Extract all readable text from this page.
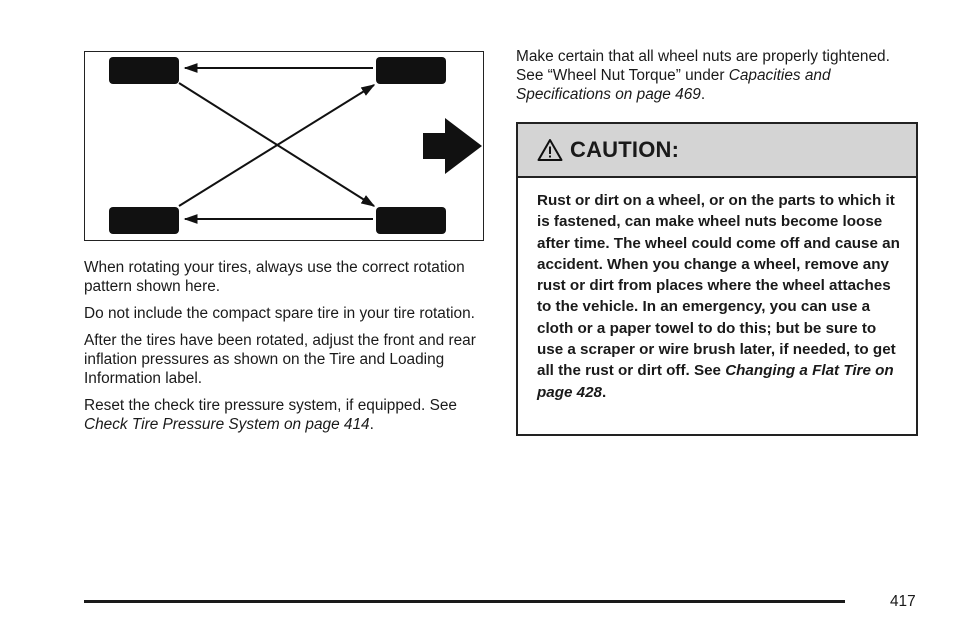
When rotating your tires, always use the correct rotation pattern shown here.

Do not include the compact spare tire in your tire rotation.

After the tires have been rotated, adjust the front and rear inflation pressures as shown on the Tire and Loading Information label.

Reset the check tire pressure system, if equipped. See Check Tire Pressure System on page 414.

Make certain that all wheel nuts are properly tightened. See “Wheel Nut Torque” under Capacities and Specifications on page 469.

CAUTION:
Rust or dirt on a wheel, or on the parts to which it is fastened, can make wheel nuts become loose after time. The wheel could come off and cause an accident. When you change a wheel, remove any rust or dirt from places where the wheel attaches to the vehicle. In an emergency, you can use a cloth or a paper towel to do this; but be sure to use a scraper or wire brush later, if needed, to get all the rust or dirt off. See Changing a Flat Tire on page 428.
417
